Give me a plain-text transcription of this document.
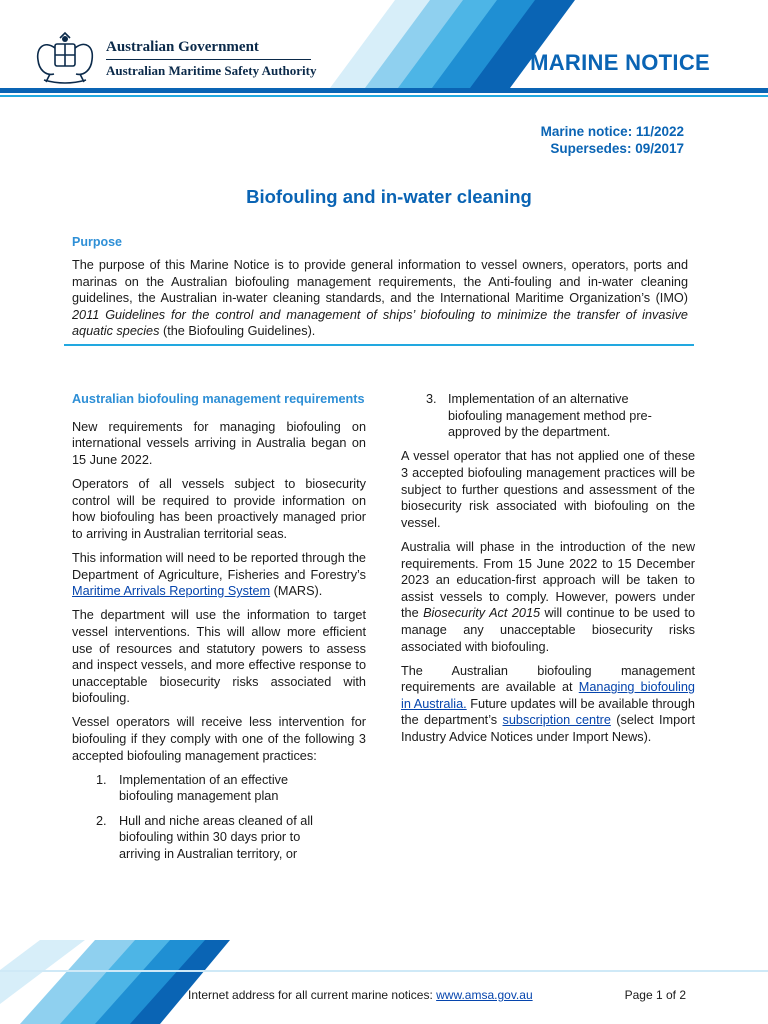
Australian Government
Australian Maritime Safety Authority	MARINE NOTICE
Marine notice: 11/2022
Supersedes: 09/2017
Biofouling and in-water cleaning
Purpose

The purpose of this Marine Notice is to provide general information to vessel owners, operators, ports and marinas on the Australian biofouling management requirements, the Anti-fouling and in-water cleaning guidelines, the Australian in-water cleaning standards, and the International Maritime Organization’s (IMO) 2011 Guidelines for the control and management of ships’ biofouling to minimize the transfer of invasive aquatic species (the Biofouling Guidelines).

Australian biofouling management requirements

New requirements for managing biofouling on international vessels arriving in Australia began on 15 June 2022.

Operators of all vessels subject to biosecurity control will be required to provide information on how biofouling has been proactively managed prior to arriving in Australian territorial seas.

This information will need to be reported through the Department of Agriculture, Fisheries and Forestry’s Maritime Arrivals Reporting System (MARS).

The department will use the information to target vessel interventions. This will allow more efficient use of resources and statutory powers to assess and inspect vessels, and more effective response to unacceptable biosecurity risks associated with biofouling.

Vessel operators will receive less intervention for biofouling if they comply with one of the following 3 accepted biofouling management practices:

1. Implementation of an effective biofouling management plan
2. Hull and niche areas cleaned of all biofouling within 30 days prior to arriving in Australian territory, or
3. Implementation of an alternative biofouling management method pre-approved by the department.

A vessel operator that has not applied one of these 3 accepted biofouling management practices will be subject to further questions and assessment of the biosecurity risk associated with biofouling on the vessel.

Australia will phase in the introduction of the new requirements. From 15 June 2022 to 15 December 2023 an education-first approach will be taken to assist vessels to comply. However, powers under the Biosecurity Act 2015 will continue to be used to manage any unacceptable biosecurity risks associated with biofouling.

The Australian biofouling management requirements are available at Managing biofouling in Australia. Future updates will be available through the department’s subscription centre (select Import Industry Advice Notices under Import News).

Internet address for all current marine notices: www.amsa.gov.au	Page 1 of 2
